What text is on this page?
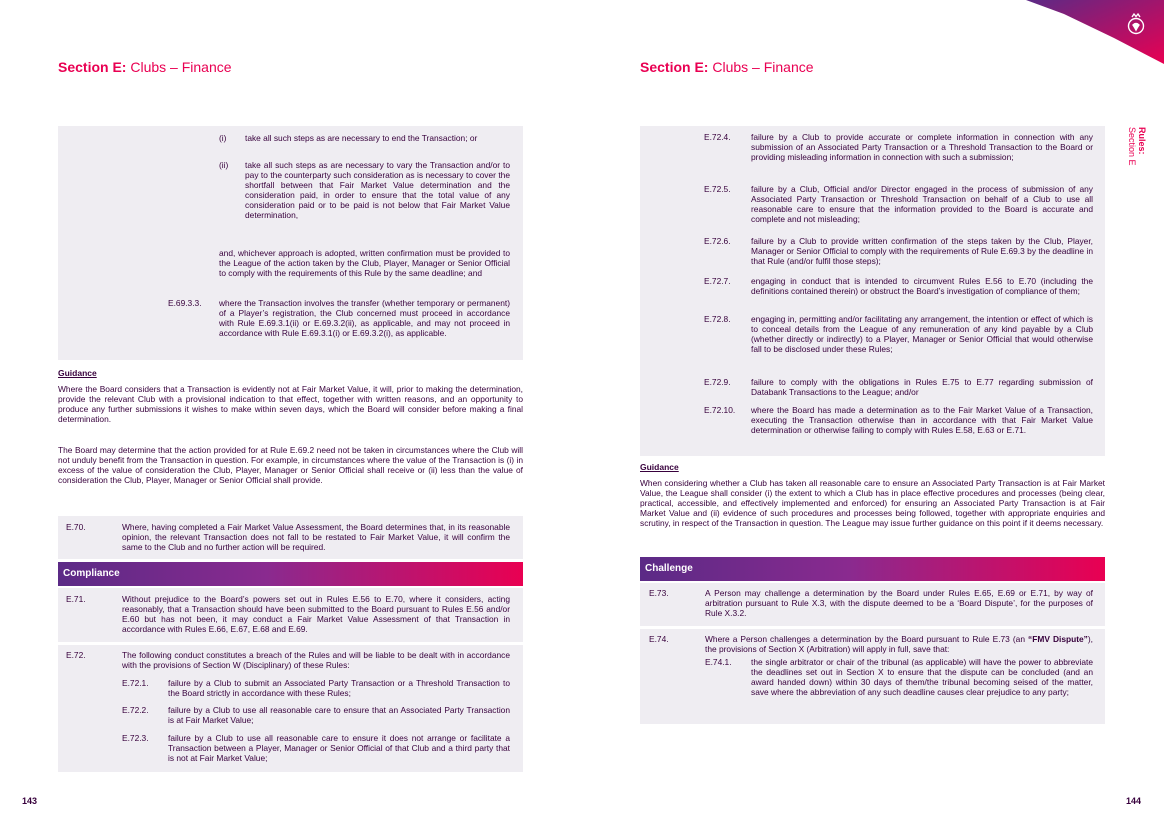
Section E: Clubs – Finance
(i) take all such steps as are necessary to end the Transaction; or
(ii) take all such steps as are necessary to vary the Transaction and/or to pay to the counterparty such consideration as is necessary to cover the shortfall between that Fair Market Value determination and the consideration paid, in order to ensure that the total value of any consideration paid or to be paid is not below that Fair Market Value determination,
and, whichever approach is adopted, written confirmation must be provided to the League of the action taken by the Club, Player, Manager or Senior Official to comply with the requirements of this Rule by the same deadline; and
E.69.3.3. where the Transaction involves the transfer (whether temporary or permanent) of a Player’s registration, the Club concerned must proceed in accordance with Rule E.69.3.1(ii) or E.69.3.2(ii), as applicable, and may not proceed in accordance with Rule E.69.3.1(i) or E.69.3.2(i), as applicable.
Guidance
Where the Board considers that a Transaction is evidently not at Fair Market Value, it will, prior to making the determination, provide the relevant Club with a provisional indication to that effect, together with written reasons, and an opportunity to produce any further submissions it wishes to make within seven days, which the Board will consider before making a final determination.
The Board may determine that the action provided for at Rule E.69.2 need not be taken in circumstances where the Club will not unduly benefit from the Transaction in question. For example, in circumstances where the value of the Transaction is (i) in excess of the value of consideration the Club, Player, Manager or Senior Official shall receive or (ii) less than the value of consideration the Club, Player, Manager or Senior Official shall provide.
E.70.	Where, having completed a Fair Market Value Assessment, the Board determines that, in its reasonable opinion, the relevant Transaction does not fall to be restated to Fair Market Value, it will confirm the same to the Club and no further action will be required.
Compliance
E.71.	Without prejudice to the Board’s powers set out in Rules E.56 to E.70, where it considers, acting reasonably, that a Transaction should have been submitted to the Board pursuant to Rules E.56 and/or E.60 but has not been, it may conduct a Fair Market Value Assessment of that Transaction in accordance with Rules E.66, E.67, E.68 and E.69.
E.72.	The following conduct constitutes a breach of the Rules and will be liable to be dealt with in accordance with the provisions of Section W (Disciplinary) of these Rules:
E.72.1. failure by a Club to submit an Associated Party Transaction or a Threshold Transaction to the Board strictly in accordance with these Rules;
E.72.2. failure by a Club to use all reasonable care to ensure that an Associated Party Transaction is at Fair Market Value;
E.72.3. failure by a Club to use all reasonable care to ensure it does not arrange or facilitate a Transaction between a Player, Manager or Senior Official of that Club and a third party that is not at Fair Market Value;
143
Section E: Clubs – Finance
E.72.4. failure by a Club to provide accurate or complete information in connection with any submission of an Associated Party Transaction or a Threshold Transaction to the Board or providing misleading information in connection with such a submission;
E.72.5. failure by a Club, Official and/or Director engaged in the process of submission of any Associated Party Transaction or Threshold Transaction on behalf of a Club to use all reasonable care to ensure that the information provided to the Board is accurate and complete and not misleading;
E.72.6. failure by a Club to provide written confirmation of the steps taken by the Club, Player, Manager or Senior Official to comply with the requirements of Rule E.69.3 by the deadline in that Rule (and/or fulfil those steps);
E.72.7. engaging in conduct that is intended to circumvent Rules E.56 to E.70 (including the definitions contained therein) or obstruct the Board’s investigation of compliance of them;
E.72.8. engaging in, permitting and/or facilitating any arrangement, the intention or effect of which is to conceal details from the League of any remuneration of any kind payable by a Club (whether directly or indirectly) to a Player, Manager or Senior Official that would otherwise fall to be disclosed under these Rules;
E.72.9. failure to comply with the obligations in Rules E.75 to E.77 regarding submission of Databank Transactions to the League; and/or
E.72.10. where the Board has made a determination as to the Fair Market Value of a Transaction, executing the Transaction otherwise than in accordance with that Fair Market Value determination or otherwise failing to comply with Rules E.58, E.63 or E.71.
Guidance
When considering whether a Club has taken all reasonable care to ensure an Associated Party Transaction is at Fair Market Value, the League shall consider (i) the extent to which a Club has in place effective procedures and processes (being clear, practical, accessible, and effectively implemented and enforced) for ensuring an Associated Party Transaction is at Fair Market Value and (ii) evidence of such procedures and processes being followed, together with appropriate enquiries and scrutiny, in respect of the Transaction in question. The League may issue further guidance on this point if it deems necessary.
Challenge
E.73.	A Person may challenge a determination by the Board under Rules E.65, E.69 or E.71, by way of arbitration pursuant to Rule X.3, with the dispute deemed to be a ‘Board Dispute’, for the purposes of Rule X.3.2.
E.74.	Where a Person challenges a determination by the Board pursuant to Rule E.73 (an “FMV Dispute”), the provisions of Section X (Arbitration) will apply in full, save that:
E.74.1. the single arbitrator or chair of the tribunal (as applicable) will have the power to abbreviate the deadlines set out in Section X to ensure that the dispute can be concluded (and an award handed down) within 30 days of them/the tribunal becoming seised of the matter, save where the abbreviation of any such deadline causes clear prejudice to any party;
144
Rules:
Section E
